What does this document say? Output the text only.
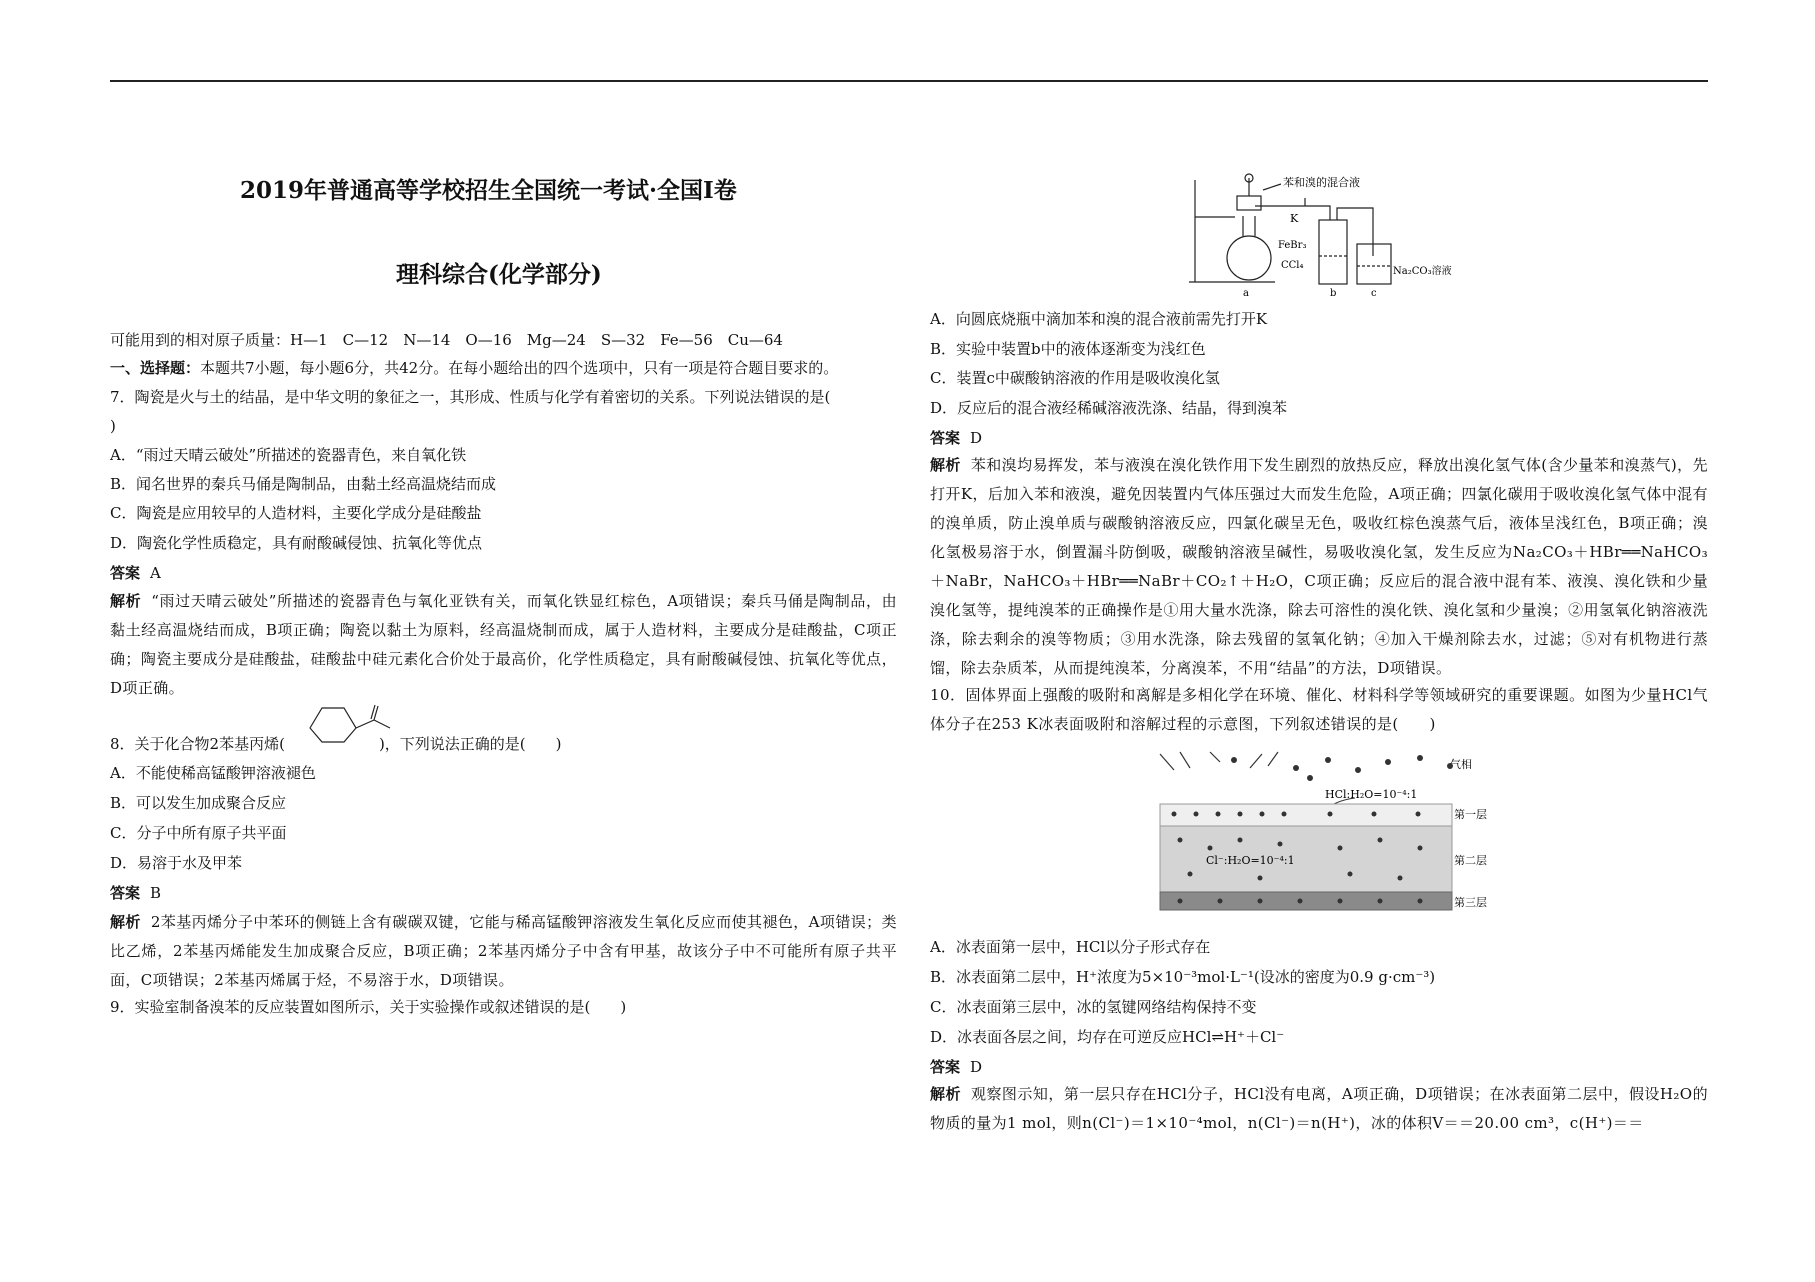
2019年普通高等学校招生全国统一考试·全国Ⅰ卷
理科综合(化学部分)
可能用到的相对原子质量：H—1　C—12　N—14　O—16　Mg—24　S—32　Fe—56　Cu—64
一、选择题：本题共7小题，每小题6分，共42分。在每小题给出的四个选项中，只有一项是符合题目要求的。
7．陶瓷是火与土的结晶，是中华文明的象征之一，其形成、性质与化学有着密切的关系。下列说法错误的是(
)
A．“雨过天晴云破处”所描述的瓷器青色，来自氧化铁
B．闻名世界的秦兵马俑是陶制品，由黏土经高温烧结而成
C．陶瓷是应用较早的人造材料，主要化学成分是硅酸盐
D．陶瓷化学性质稳定，具有耐酸碱侵蚀、抗氧化等优点
答案 A
解析 “雨过天晴云破处”所描述的瓷器青色与氧化亚铁有关，而氧化铁显红棕色，A项错误；秦兵马俑是陶制品，由黏土经高温烧结而成，B项正确；陶瓷以黏土为原料，经高温烧制而成，属于人造材料，主要成分是硅酸盐，C项正确；陶瓷主要成分是硅酸盐，硅酸盐中硅元素化合价处于最高价，化学性质稳定，具有耐酸碱侵蚀、抗氧化等优点，D项正确。
8．关于化合物2苯基丙烯(	)，下列说法正确的是(　　)
A．不能使稀高锰酸钾溶液褪色
B．可以发生加成聚合反应
C．分子中所有原子共平面
D．易溶于水及甲苯
答案 B
解析 2苯基丙烯分子中苯环的侧链上含有碳碳双键，它能与稀高锰酸钾溶液发生氧化反应而使其褪色，A项错误；类比乙烯，2苯基丙烯能发生加成聚合反应，B项正确；2苯基丙烯分子中含有甲基，故该分子中不可能所有原子共平面，C项错误；2苯基丙烯属于烃，不易溶于水，D项错误。
9．实验室制备溴苯的反应装置如图所示，关于实验操作或叙述错误的是(　　)
苯和溴的混合液
K
FeBr₃
CCl₄
Na₂CO₃溶液
a	b	c
A．向圆底烧瓶中滴加苯和溴的混合液前需先打开K
B．实验中装置b中的液体逐渐变为浅红色
C．装置c中碳酸钠溶液的作用是吸收溴化氢
D．反应后的混合液经稀碱溶液洗涤、结晶，得到溴苯
答案 D
解析 苯和溴均易挥发，苯与液溴在溴化铁作用下发生剧烈的放热反应，释放出溴化氢气体(含少量苯和溴蒸气)，先打开K，后加入苯和液溴，避免因装置内气体压强过大而发生危险，A项正确；四氯化碳用于吸收溴化氢气体中混有的溴单质，防止溴单质与碳酸钠溶液反应，四氯化碳呈无色，吸收红棕色溴蒸气后，液体呈浅红色，B项正确；溴化氢极易溶于水，倒置漏斗防倒吸，碳酸钠溶液呈碱性，易吸收溴化氢，发生反应为Na₂CO₃＋HBr══NaHCO₃＋NaBr，NaHCO₃＋HBr══NaBr＋CO₂↑＋H₂O，C项正确；反应后的混合液中混有苯、液溴、溴化铁和少量溴化氢等，提纯溴苯的正确操作是①用大量水洗涤，除去可溶性的溴化铁、溴化氢和少量溴；②用氢氧化钠溶液洗涤，除去剩余的溴等物质；③用水洗涤，除去残留的氢氧化钠；④加入干燥剂除去水，过滤；⑤对有机物进行蒸馏，除去杂质苯，从而提纯溴苯，分离溴苯，不用“结晶”的方法，D项错误。
10．固体界面上强酸的吸附和离解是多相化学在环境、催化、材料科学等领域研究的重要课题。如图为少量HCl气体分子在253 K冰表面吸附和溶解过程的示意图，下列叙述错误的是(　　)
气相
HCl:H₂O=10⁻⁴:1
Cl⁻:H₂O=10⁻⁴:1
第一层
第二层
第三层
A．冰表面第一层中，HCl以分子形式存在
B．冰表面第二层中，H⁺浓度为5×10⁻³mol·L⁻¹(设冰的密度为0.9 g·cm⁻³)
C．冰表面第三层中，冰的氢键网络结构保持不变
D．冰表面各层之间，均存在可逆反应HCl⇌H⁺＋Cl⁻
答案 D
解析 观察图示知，第一层只存在HCl分子，HCl没有电离，A项正确，D项错误；在冰表面第二层中，假设H₂O的物质的量为1 mol，则n(Cl⁻)＝1×10⁻⁴mol，n(Cl⁻)＝n(H⁺)，冰的体积V＝＝20.00 cm³，c(H⁺)＝＝
